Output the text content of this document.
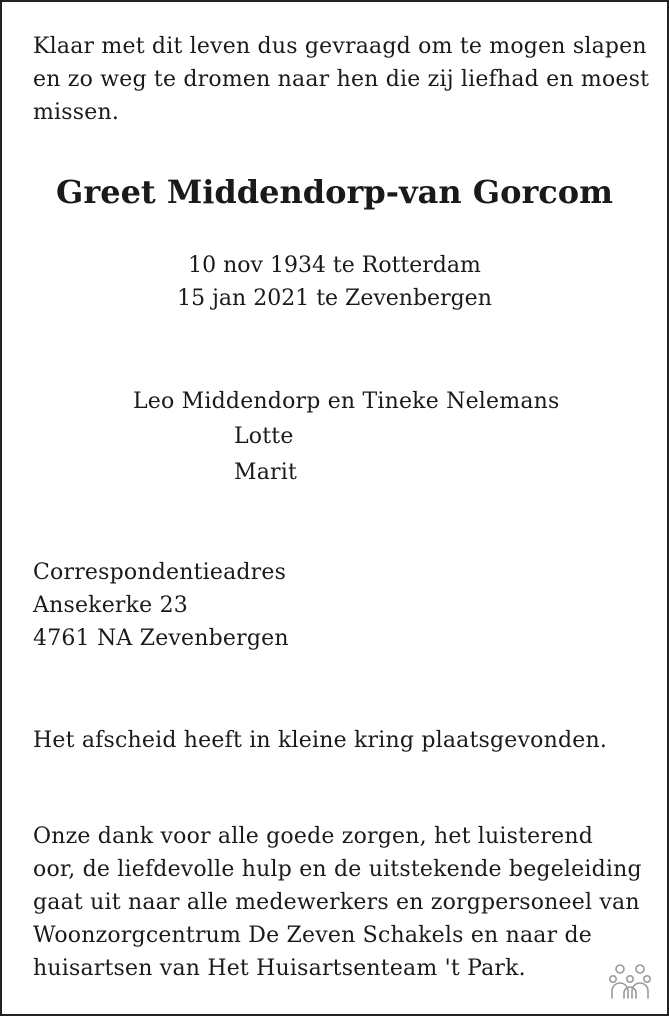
Klaar met dit leven dus gevraagd om te mogen slapen
en zo weg te dromen naar hen die zij liefhad en moest
missen.

Greet Middendorp-van Gorcom
10 nov 1934 te Rotterdam
15 jan 2021 te Zevenbergen

Leo Middendorp en Tineke Nelemans

Lotte

Marit

Correspondentieadres
Ansekerke 23
4761 NA Zevenbergen

Het afscheid heeft in kleine kring plaatsgevonden.

Onze dank voor alle goede zorgen, het luisterend
oor, de liefdevolle hulp en de uitstekende begeleiding
gaat uit naar alle medewerkers en zorgpersoneel van
Woonzorgcentrum De Zeven Schakels en naar de
huisartsen van Het Huisartsenteam 't Park.
